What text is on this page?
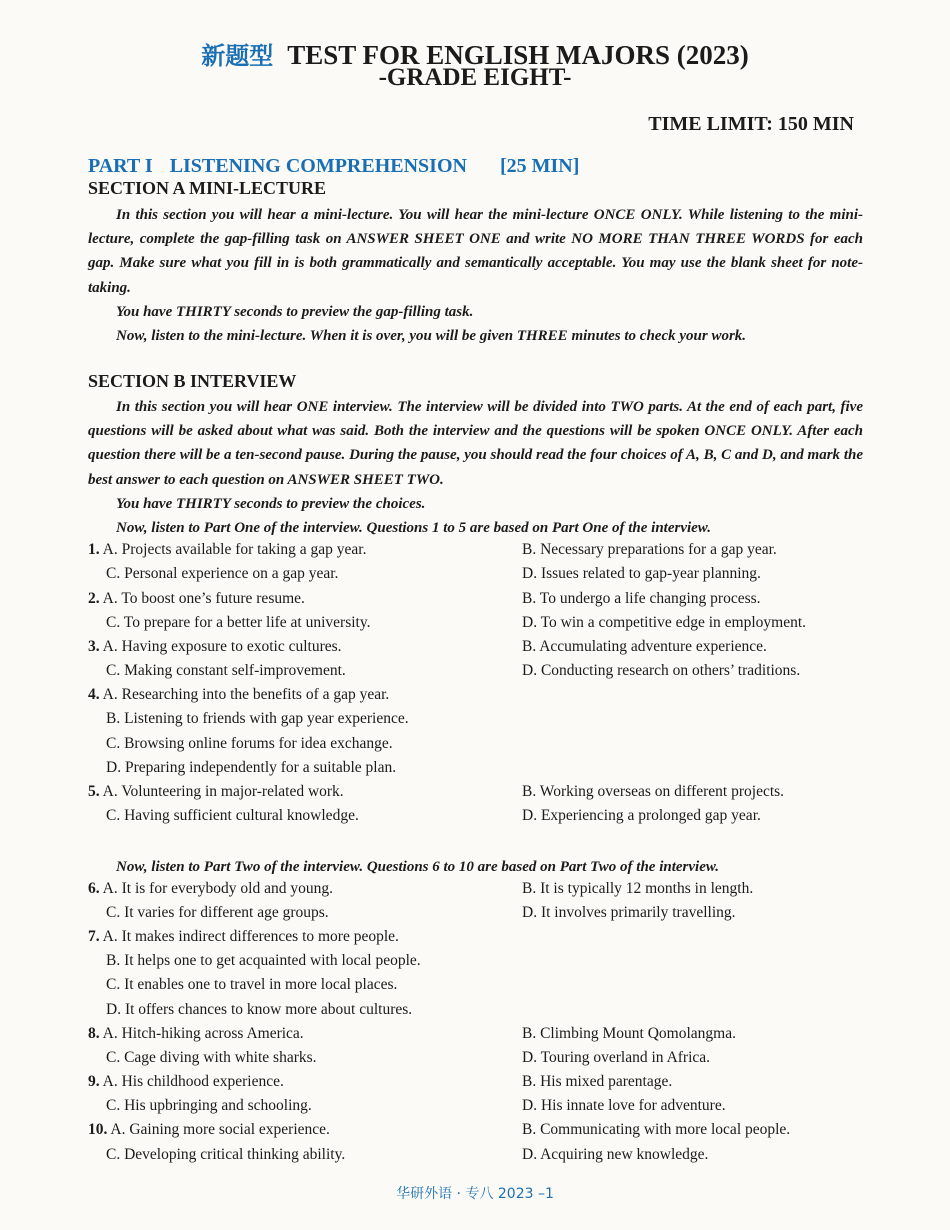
新题型 TEST FOR ENGLISH MAJORS (2023)
-GRADE EIGHT-
TIME LIMIT: 150 MIN
PART I LISTENING COMPREHENSION [25 MIN]
SECTION A MINI-LECTURE

In this section you will hear a mini-lecture. You will hear the mini-lecture ONCE ONLY. While listening to the mini-lecture, complete the gap-filling task on ANSWER SHEET ONE and write NO MORE THAN THREE WORDS for each gap. Make sure what you fill in is both grammatically and semantically acceptable. You may use the blank sheet for note-taking.

You have THIRTY seconds to preview the gap-filling task.

Now, listen to the mini-lecture. When it is over, you will be given THREE minutes to check your work.

SECTION B INTERVIEW

In this section you will hear ONE interview. The interview will be divided into TWO parts. At the end of each part, five questions will be asked about what was said. Both the interview and the questions will be spoken ONCE ONLY. After each question there will be a ten-second pause. During the pause, you should read the four choices of A, B, C and D, and mark the best answer to each question on ANSWER SHEET TWO.

You have THIRTY seconds to preview the choices.

Now, listen to Part One of the interview. Questions 1 to 5 are based on Part One of the interview.

1. A. Projects available for taking a gap year.	B. Necessary preparations for a gap year.
C. Personal experience on a gap year.	D. Issues related to gap-year planning.
2. A. To boost one’s future resume.	B. To undergo a life changing process.
C. To prepare for a better life at university.	D. To win a competitive edge in employment.
3. A. Having exposure to exotic cultures.	B. Accumulating adventure experience.
C. Making constant self-improvement.	D. Conducting research on others’ traditions.
4. A. Researching into the benefits of a gap year.
B. Listening to friends with gap year experience.
C. Browsing online forums for idea exchange.
D. Preparing independently for a suitable plan.
5. A. Volunteering in major-related work.	B. Working overseas on different projects.
C. Having sufficient cultural knowledge.	D. Experiencing a prolonged gap year.

Now, listen to Part Two of the interview. Questions 6 to 10 are based on Part Two of the interview.

6. A. It is for everybody old and young.	B. It is typically 12 months in length.
C. It varies for different age groups.	D. It involves primarily travelling.
7. A. It makes indirect differences to more people.
B. It helps one to get acquainted with local people.
C. It enables one to travel in more local places.
D. It offers chances to know more about cultures.
8. A. Hitch-hiking across America.	B. Climbing Mount Qomolangma.
C. Cage diving with white sharks.	D. Touring overland in Africa.
9. A. His childhood experience.	B. His mixed parentage.
C. His upbringing and schooling.	D. His innate love for adventure.
10. A. Gaining more social experience.	B. Communicating with more local people.
C. Developing critical thinking ability.	D. Acquiring new knowledge.
华研外语 · 专八 2023 –1
